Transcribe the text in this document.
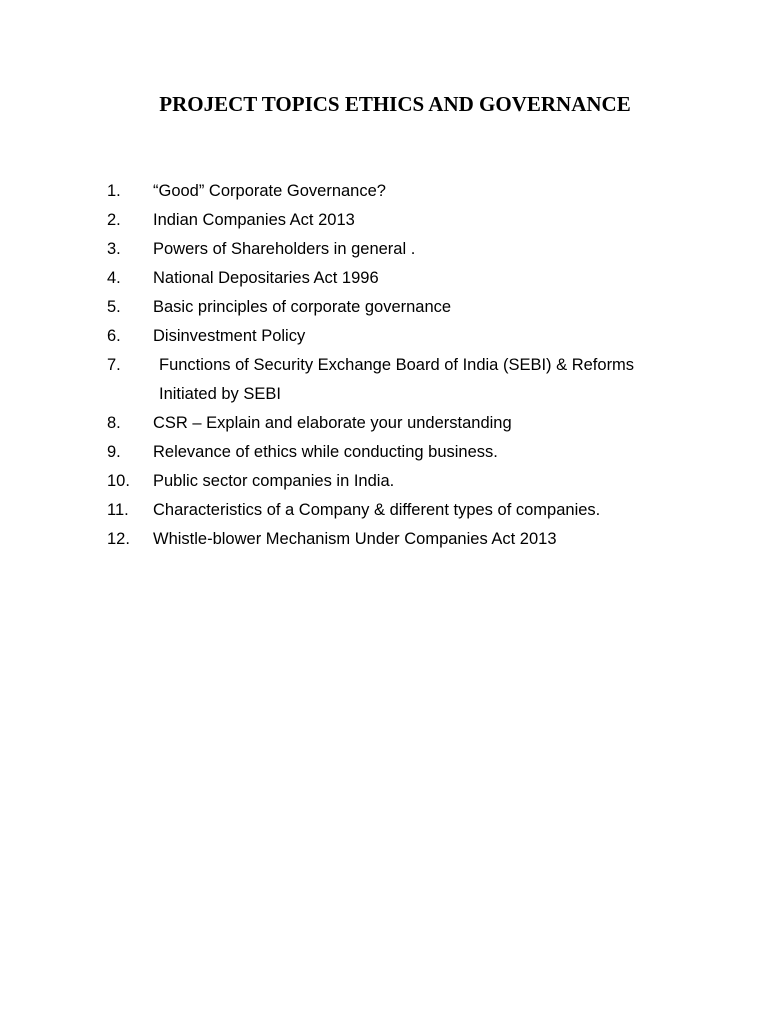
PROJECT TOPICS ETHICS AND GOVERNANCE
1.	“Good” Corporate Governance?
2.	Indian Companies Act 2013
3.	Powers of Shareholders in general .
4.	National Depositaries Act 1996
5.	Basic principles of corporate governance
6.	Disinvestment Policy
7.	Functions of Security Exchange Board of India (SEBI) & Reforms
Initiated by SEBI
8.	CSR – Explain and elaborate your understanding
9.	Relevance of ethics while conducting business.
10.	Public sector companies in India.
11.	Characteristics of a Company & different types of companies.
12.	Whistle-blower Mechanism Under Companies Act 2013
